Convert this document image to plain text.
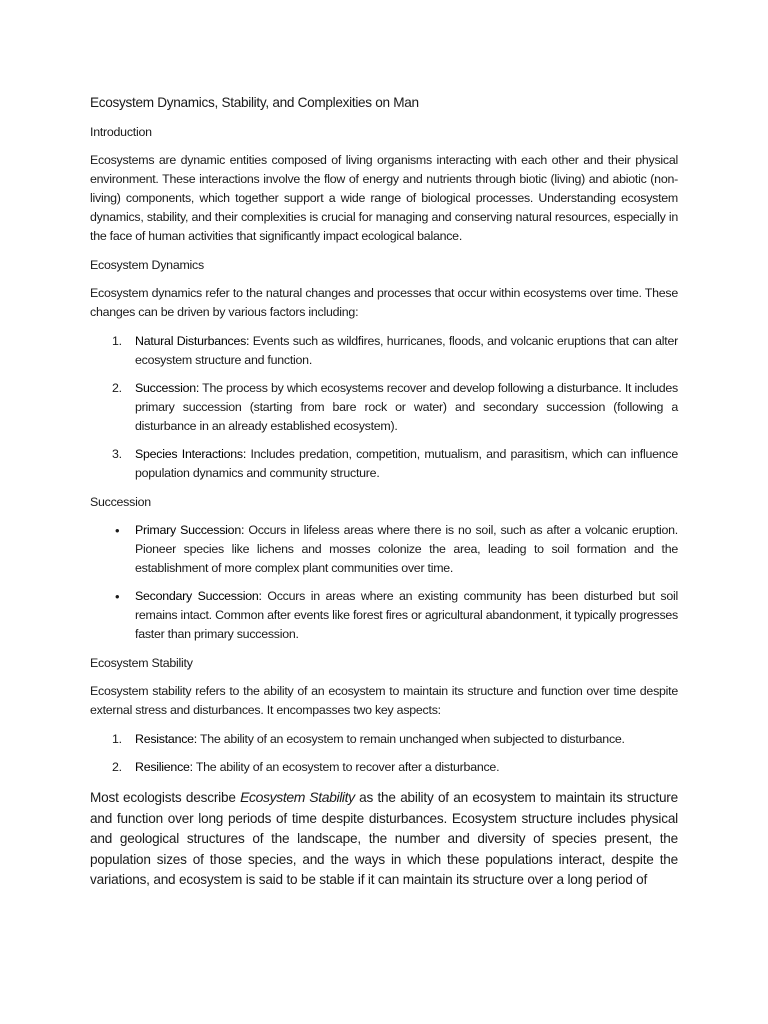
Ecosystem Dynamics, Stability, and Complexities on Man
Introduction

Ecosystems are dynamic entities composed of living organisms interacting with each other and their physical environment. These interactions involve the flow of energy and nutrients through biotic (living) and abiotic (non-living) components, which together support a wide range of biological processes. Understanding ecosystem dynamics, stability, and their complexities is crucial for managing and conserving natural resources, especially in the face of human activities that significantly impact ecological balance.

Ecosystem Dynamics

Ecosystem dynamics refer to the natural changes and processes that occur within ecosystems over time. These changes can be driven by various factors including:

1. Natural Disturbances: Events such as wildfires, hurricanes, floods, and volcanic eruptions that can alter ecosystem structure and function.
2. Succession: The process by which ecosystems recover and develop following a disturbance. It includes primary succession (starting from bare rock or water) and secondary succession (following a disturbance in an already established ecosystem).
3. Species Interactions: Includes predation, competition, mutualism, and parasitism, which can influence population dynamics and community structure.
Succession
• Primary Succession: Occurs in lifeless areas where there is no soil, such as after a volcanic eruption. Pioneer species like lichens and mosses colonize the area, leading to soil formation and the establishment of more complex plant communities over time.
• Secondary Succession: Occurs in areas where an existing community has been disturbed but soil remains intact. Common after events like forest fires or agricultural abandonment, it typically progresses faster than primary succession.
Ecosystem Stability

Ecosystem stability refers to the ability of an ecosystem to maintain its structure and function over time despite external stress and disturbances. It encompasses two key aspects:

1. Resistance: The ability of an ecosystem to remain unchanged when subjected to disturbance.
2. Resilience: The ability of an ecosystem to recover after a disturbance.

Most ecologists describe Ecosystem Stability as the ability of an ecosystem to maintain its structure and function over long periods of time despite disturbances. Ecosystem structure includes physical and geological structures of the landscape, the number and diversity of species present, the population sizes of those species, and the ways in which these populations interact, despite the variations, and ecosystem is said to be stable if it can maintain its structure over a long period of
